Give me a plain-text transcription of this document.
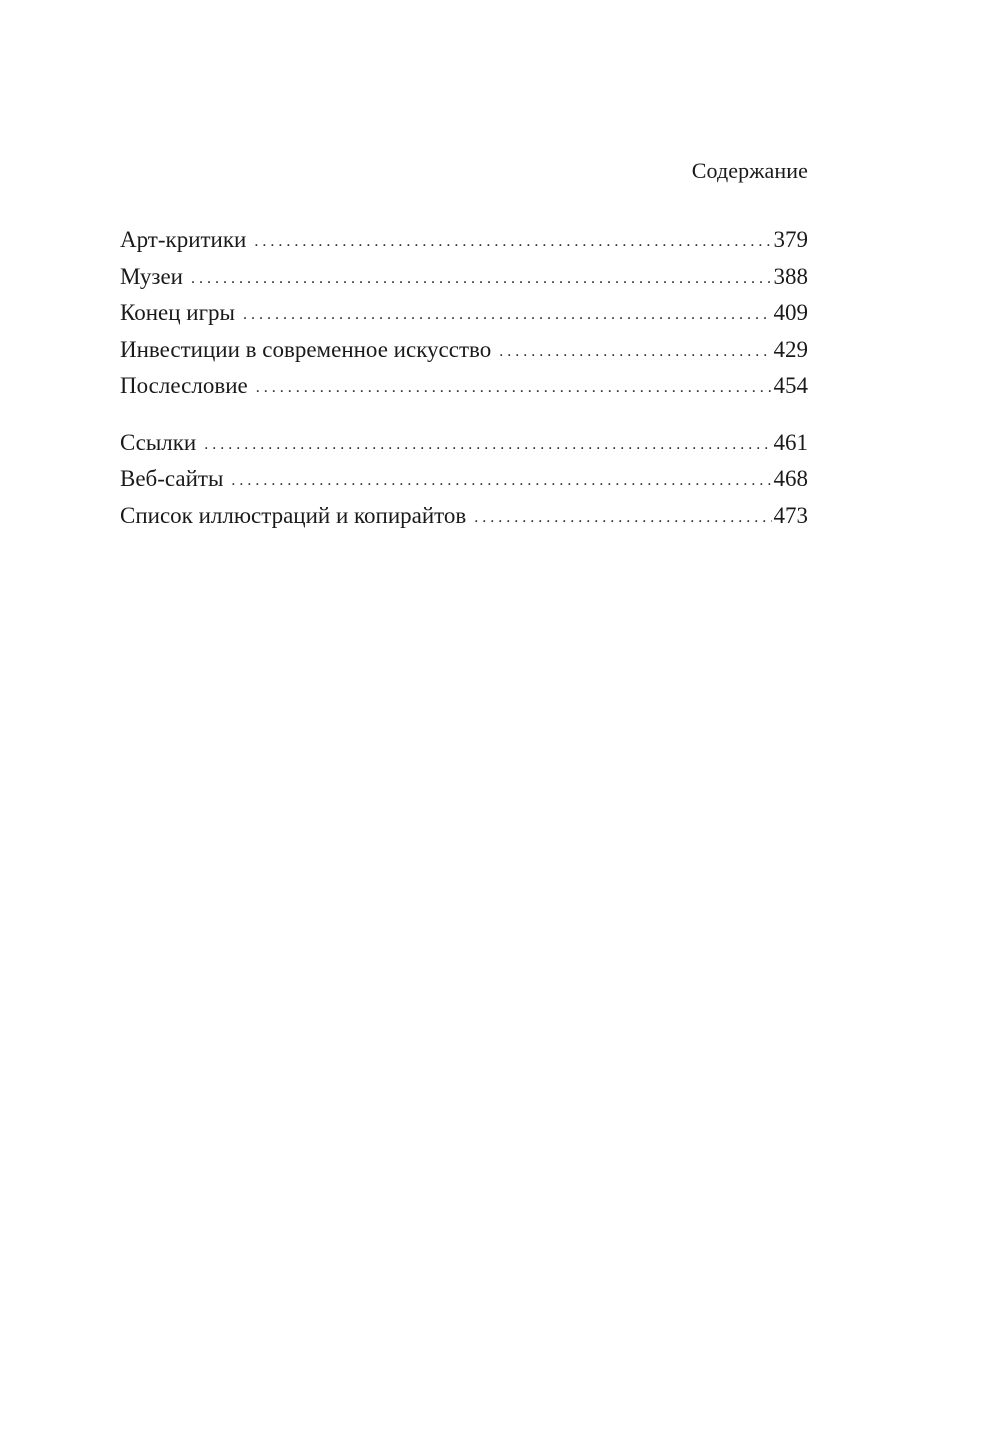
Содержание
Арт-критики . . .	379
Музеи . . .	388
Конец игры . . .	409
Инвестиции в современное искусство . . .	429
Послесловие . . .	454
Ссылки . . .	461
Веб-сайты . . .	468
Список иллюстраций и копирайтов . . .	473
